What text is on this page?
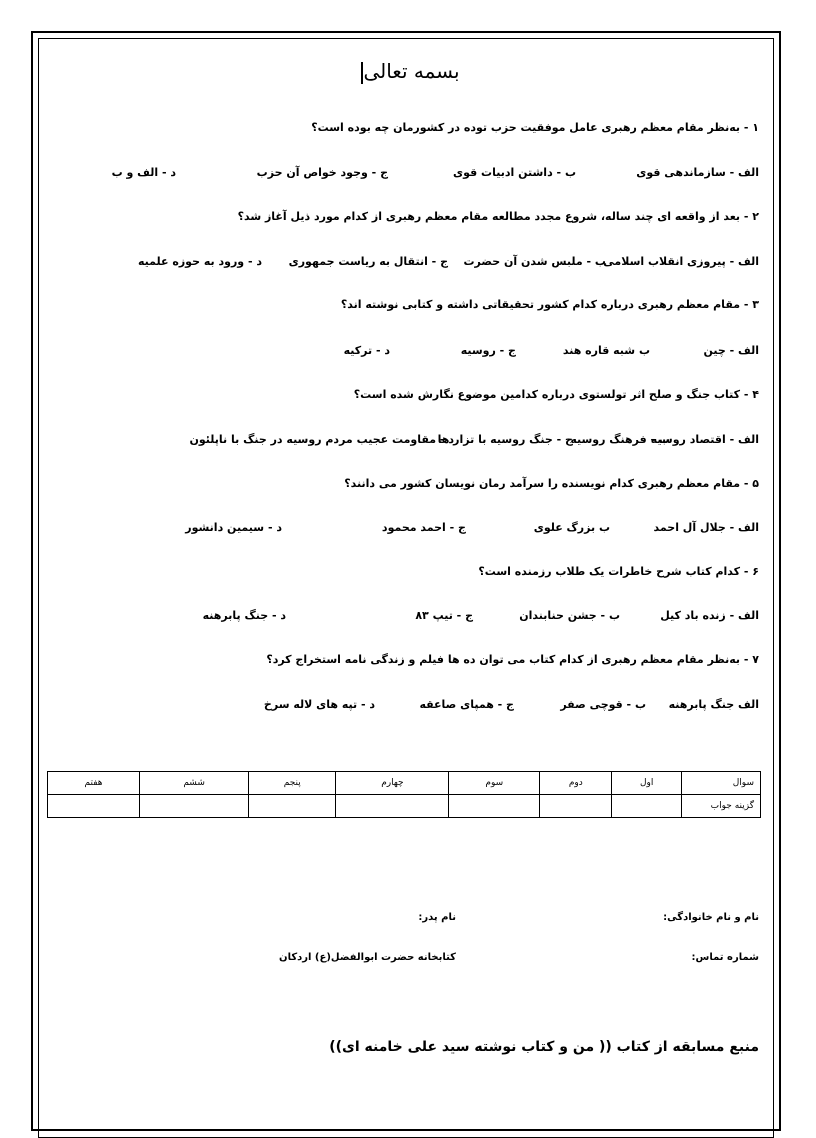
بسمه تعالی
۱ - به‌نظر مقام معظم رهبری عامل موفقیت حزب توده در کشورمان چه بوده است؟
الف - سازماندهی قوی
ب - داشتن ادبیات قوی
ج - وجود خواص آن حزب
د - الف و ب
۲ - بعد از واقعه ای چند ساله، شروع مجدد مطالعه مقام معظم رهبری از کدام مورد ذیل آغاز شد؟
الف - پیروزی انقلاب اسلامی
ب - ملبس شدن آن حضرت
ج - انتقال به ریاست جمهوری
د - ورود به حوزه علمیه
۳ - مقام معظم رهبری درباره کدام کشور تحقیقاتی داشته و کتابی نوشته اند؟
الف - چین
ب شبه قاره هند
ج - روسیه
د - ترکیه
۴ - کتاب جنگ و صلح اثر تولستوی درباره کدامین موضوع نگارش شده است؟
الف - اقتصاد روسیه
ب - فرهنگ روسیه
ج - جنگ روسیه با تزار ها
د - مقاومت عجیب مردم روسیه در جنگ با ناپلئون
۵ - مقام معظم رهبری کدام نویسنده را سرآمد رمان نویسان کشور می دانند؟
الف - جلال آل احمد
ب بزرگ علوی
ج - احمد محمود
د - سیمین دانشور
۶ - کدام کتاب شرح خاطرات یک طلاب رزمنده است؟
الف - زنده باد کیل
ب - جشن حنابندان
ج - تیپ ۸۳
د - جنگ پابرهنه
۷ - به‌نظر مقام معظم رهبری از کدام کتاب می توان ده ها فیلم و زندگی نامه استخراج کرد؟
الف جنگ پابرهنه
ب - قوچی صفر
ج - همپای صاعقه
د - تپه های لاله سرخ
سوال	اول	دوم	سوم	چهارم	پنجم	ششم	هفتم
گزینه جواب							
نام و نام خانوادگی:
نام پدر:
شماره تماس:
کتابخانه حضرت ابوالفضل(ع) اردکان
منبع مسابقه از کتاب (( من و کتاب نوشته سید علی خامنه ای))
